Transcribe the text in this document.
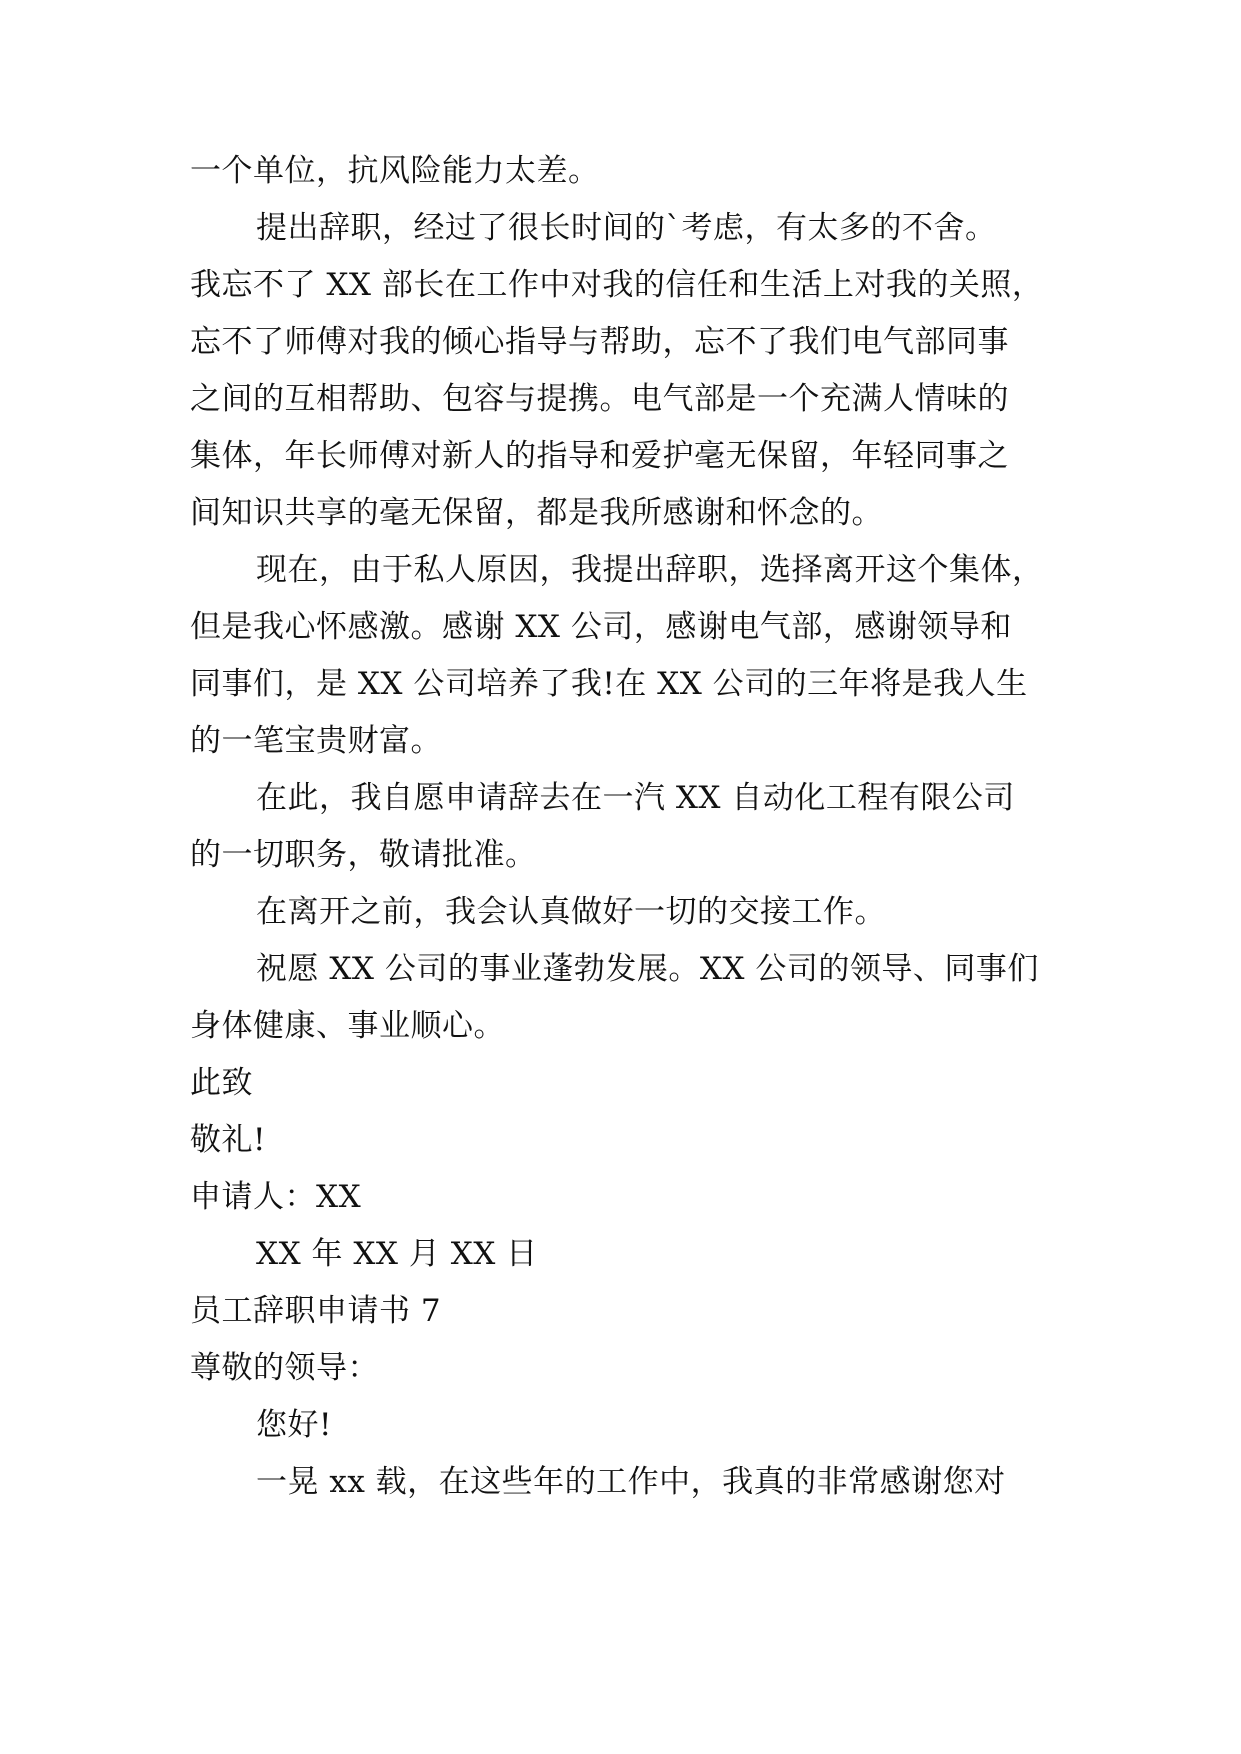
一个单位，抗风险能力太差。
提出辞职，经过了很长时间的`考虑，有太多的不舍。
我忘不了 XX 部长在工作中对我的信任和生活上对我的关照，
忘不了师傅对我的倾心指导与帮助，忘不了我们电气部同事
之间的互相帮助、包容与提携。电气部是一个充满人情味的
集体，年长师傅对新人的指导和爱护毫无保留，年轻同事之
间知识共享的毫无保留，都是我所感谢和怀念的。
现在，由于私人原因，我提出辞职，选择离开这个集体，
但是我心怀感激。感谢 XX 公司，感谢电气部，感谢领导和
同事们，是 XX 公司培养了我!在 XX 公司的三年将是我人生
的一笔宝贵财富。
在此，我自愿申请辞去在一汽 XX 自动化工程有限公司
的一切职务，敬请批准。
在离开之前，我会认真做好一切的交接工作。
祝愿 XX 公司的事业蓬勃发展。XX 公司的领导、同事们
身体健康、事业顺心。
此致
敬礼!
申请人：XX
XX 年 XX 月 XX 日
员工辞职申请书 7
尊敬的领导：
您好!
一晃 xx 载，在这些年的工作中，我真的非常感谢您对
